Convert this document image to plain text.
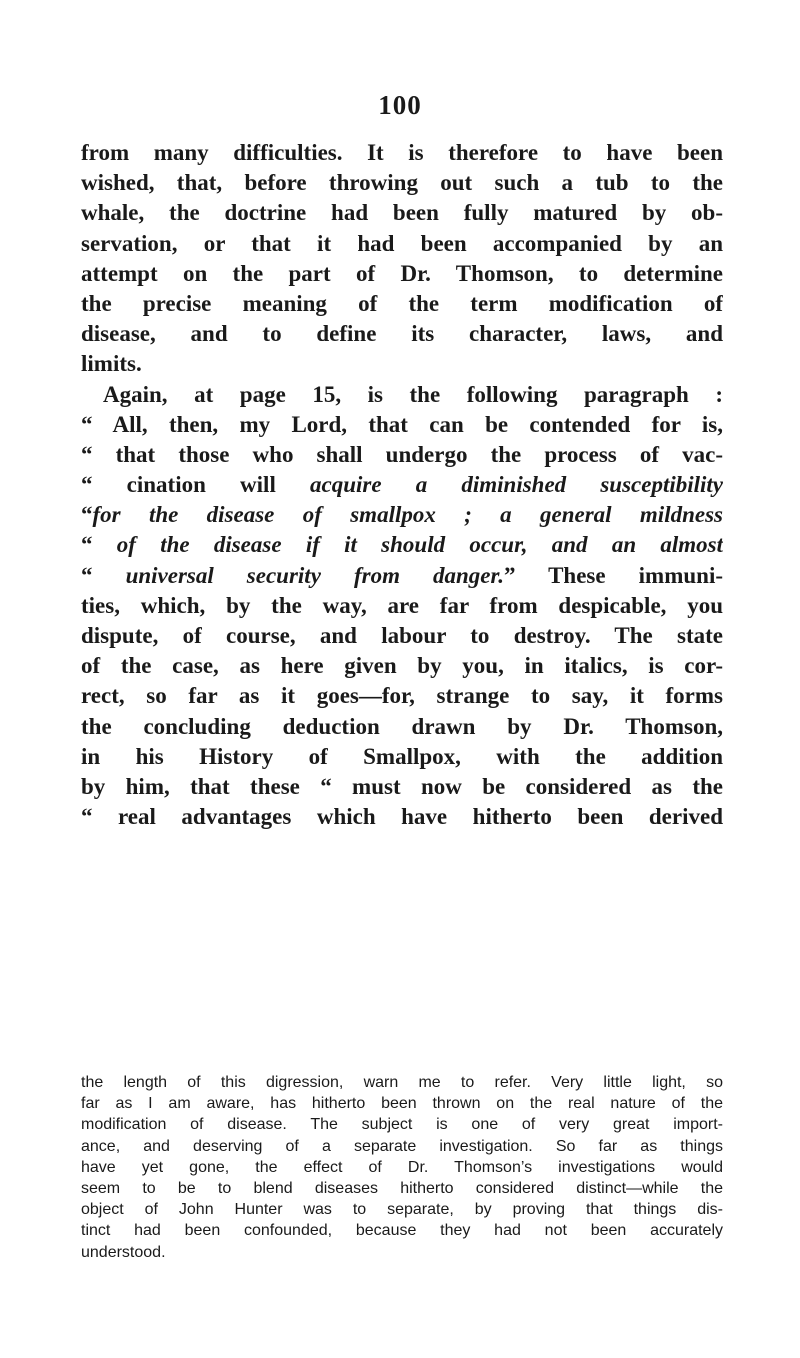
100
from many difficulties. It is therefore to have been
wished, that, before throwing out such a tub to the
whale, the doctrine had been fully matured by ob-
servation, or that it had been accompanied by an
attempt on the part of Dr. Thomson, to determine
the precise meaning of the term modification of
disease, and to define its character, laws, and
limits.
Again, at page 15, is the following paragraph :
“ All, then, my Lord, that can be contended for is,
“ that those who shall undergo the process of vac-
“ cination will acquire a diminished susceptibility
“for the disease of smallpox ; a general mildness
“ of the disease if it should occur, and an almost
“ universal security from danger.” These immuni-
ties, which, by the way, are far from despicable, you
dispute, of course, and labour to destroy. The state
of the case, as here given by you, in italics, is cor-
rect, so far as it goes—for, strange to say, it forms
the concluding deduction drawn by Dr. Thomson,
in his History of Smallpox, with the addition
by him, that these “ must now be considered as the
“ real advantages which have hitherto been derived
the length of this digression, warn me to refer. Very little light, so
far as I am aware, has hitherto been thrown on the real nature of the
modification of disease. The subject is one of very great import-
ance, and deserving of a separate investigation. So far as things
have yet gone, the effect of Dr. Thomson’s investigations would
seem to be to blend diseases hitherto considered distinct—while the
object of John Hunter was to separate, by proving that things dis-
tinct had been confounded, because they had not been accurately
understood.
